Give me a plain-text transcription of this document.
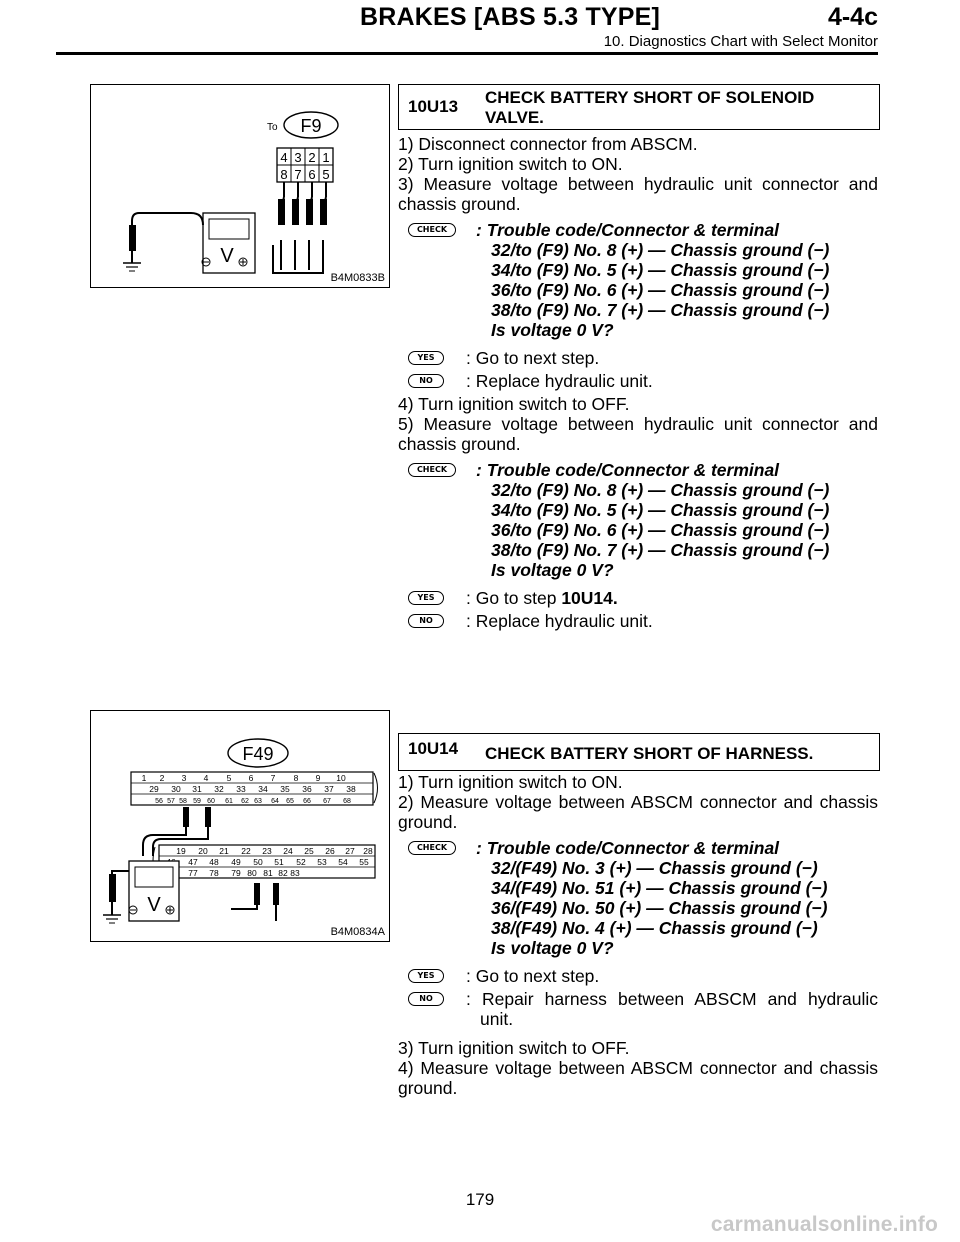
BRAKES [ABS 5.3 TYPE]	4-4c
10. Diagnostics Chart with Select Monitor
F9
To
4 3 2 1
8 7 6 5
V
B4M0833B
F49
1 2 3 4 5 6 7 8 9 10
29 30 31 32 33 34 35 36 37 38
56 57 58 59 60 61 62 63 64 65 66 67 68
19 20 21 22 23 24 25 26 27 28
47 48 49 50 51 52 53 54 55
77 78 79 80 81 82 83
V
B4M0834A
10U13 CHECK BATTERY SHORT OF SOLENOID VALVE.
1) Disconnect connector from ABSCM.
2) Turn ignition switch to ON.
3) Measure voltage between hydraulic unit connector and chassis ground.
CHECK	: Trouble code/Connector & terminal
32/to (F9) No. 8 (+) — Chassis ground (−)
34/to (F9) No. 5 (+) — Chassis ground (−)
36/to (F9) No. 6 (+) — Chassis ground (−)
38/to (F9) No. 7 (+) — Chassis ground (−)
Is voltage 0 V?
YES	: Go to next step.
NO	: Replace hydraulic unit.
4) Turn ignition switch to OFF.
5) Measure voltage between hydraulic unit connector and chassis ground.
CHECK	: Trouble code/Connector & terminal
32/to (F9) No. 8 (+) — Chassis ground (−)
34/to (F9) No. 5 (+) — Chassis ground (−)
36/to (F9) No. 6 (+) — Chassis ground (−)
38/to (F9) No. 7 (+) — Chassis ground (−)
Is voltage 0 V?
YES	: Go to step 10U14.
NO	: Replace hydraulic unit.
10U14 CHECK BATTERY SHORT OF HARNESS.
1) Turn ignition switch to ON.
2) Measure voltage between ABSCM connector and chassis ground.
CHECK	: Trouble code/Connector & terminal
32/(F49) No. 3 (+) — Chassis ground (−)
34/(F49) No. 51 (+) — Chassis ground (−)
36/(F49) No. 50 (+) — Chassis ground (−)
38/(F49) No. 4 (+) — Chassis ground (−)
Is voltage 0 V?
YES	: Go to next step.
NO	: Repair harness between ABSCM and hydraulic unit.
3) Turn ignition switch to OFF.
4) Measure voltage between ABSCM connector and chassis ground.
179
carmanualsonline.info
